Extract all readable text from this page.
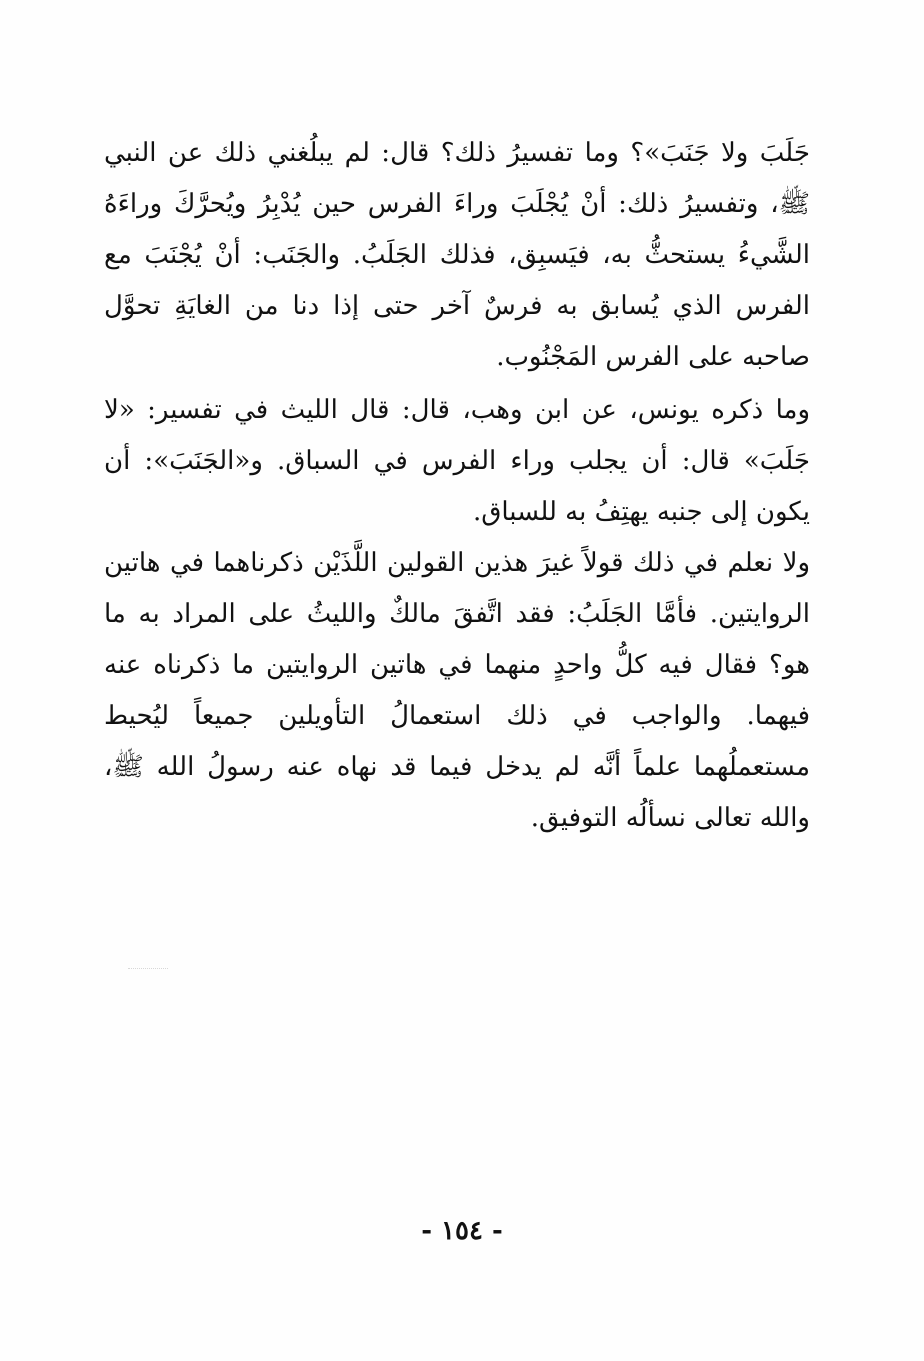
جَلَبَ ولا جَنَبَ»؟ وما تفسيرُ ذلك؟ قال: لم يبلُغني ذلك عن النبي ﷺ، وتفسيرُ ذلك: أنْ يُجْلَبَ وراءَ الفرس حين يُدْبِرُ ويُحرَّكَ وراءَهُ الشَّيءُ يستحثُّ به، فيَسبِق، فذلك الجَلَبُ. والجَنَب: أنْ يُجْنَبَ مع الفرس الذي يُسابق به فرسٌ آخر حتى إذا دنا من الغايَةِ تحوَّل صاحبه على الفرس المَجْنُوب.

وما ذكره يونس، عن ابن وهب، قال: قال الليث في تفسير: «لا جَلَبَ» قال: أن يجلب وراء الفرس في السباق. و«الجَنَبَ»: أن يكون إلى جنبه يهتِفُ به للسباق.

ولا نعلم في ذلك قولاً غيرَ هذين القولين اللَّذَيْن ذكرناهما في هاتين الروايتين. فأمَّا الجَلَبُ: فقد اتَّفقَ مالكٌ والليثُ على المراد به ما هو؟ فقال فيه كلُّ واحدٍ منهما في هاتين الروايتين ما ذكرناه عنه فيهما. والواجب في ذلك استعمالُ التأويلين جميعاً ليُحيط مستعملُهما علماً أنَّه لم يدخل فيما قد نهاه عنه رسولُ الله ﷺ، والله تعالى نسألُه التوفيق.

- ١٥٤ -
